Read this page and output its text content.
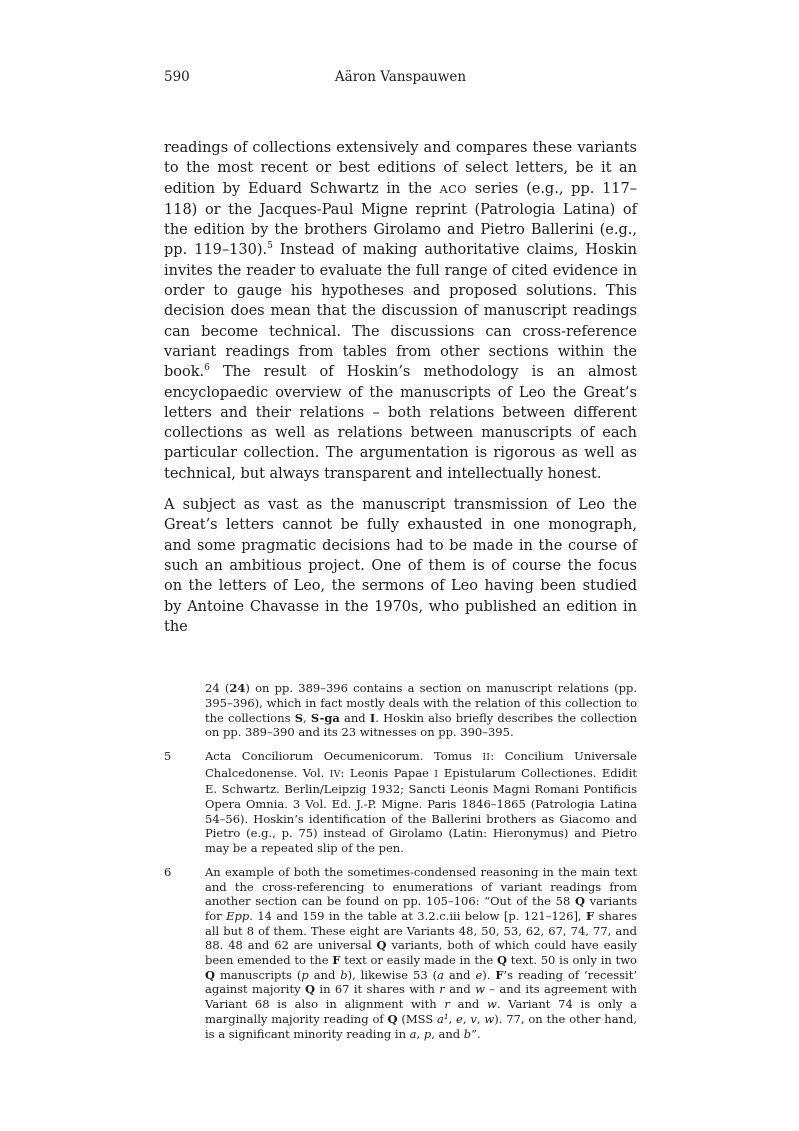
590	Aäron Vanspauwen

readings of collections extensively and compares these variants to the most recent or best editions of select letters, be it an edition by Eduard Schwartz in the ACO series (e.g., pp. 117–118) or the Jacques-Paul Migne reprint (Patrologia Latina) of the edition by the brothers Girolamo and Pietro Ballerini (e.g., pp. 119–130).$^5$ Instead of making authoritative claims, Hoskin invites the reader to evaluate the full range of cited evidence in order to gauge his hypotheses and proposed solutions. This decision does mean that the discussion of manuscript readings can become technical. The discussions can cross-reference variant readings from tables from other sections within the book.$^6$ The result of Hoskin’s methodology is an almost encyclopaedic overview of the manuscripts of Leo the Great’s letters and their relations – both relations between different collections as well as relations between manuscripts of each particular collection. The argumentation is rigorous as well as technical, but always transparent and intellectually honest.

A subject as vast as the manuscript transmission of Leo the Great’s letters cannot be fully exhausted in one monograph, and some pragmatic decisions had to be made in the course of such an ambitious project. One of them is of course the focus on the letters of Leo, the sermons of Leo having been studied by Antoine Chavasse in the 1970s, who published an edition in the

24 (24) on pp. 389–396 contains a section on manuscript relations (pp. 395–396), which in fact mostly deals with the relation of this collection to the collections S, S-ga and I. Hoskin also briefly describes the collection on pp. 389–390 and its 23 witnesses on pp. 390–395.
5	Acta Conciliorum Oecumenicorum. Tomus II: Concilium Universale Chalcedonense. Vol. IV: Leonis Papae I Epistularum Collectiones. Edidit E. Schwartz. Berlin/Leipzig 1932; Sancti Leonis Magni Romani Pontificis Opera Omnia. 3 Vol. Ed. J.-P. Migne. Paris 1846–1865 (Patrologia Latina 54–56). Hoskin’s identification of the Ballerini brothers as Giacomo and Pietro (e.g., p. 75) instead of Girolamo (Latin: Hieronymus) and Pietro may be a repeated slip of the pen.
6	An example of both the sometimes-condensed reasoning in the main text and the cross-referencing to enumerations of variant readings from another section can be found on pp. 105–106: “Out of the 58 Q variants for Epp. 14 and 159 in the table at 3.2.c.iii below [p. 121–126], F shares all but 8 of them. These eight are Variants 48, 50, 53, 62, 67, 74, 77, and 88. 48 and 62 are universal Q variants, both of which could have easily been emended to the F text or easily made in the Q text. 50 is only in two Q manuscripts (p and b), likewise 53 (a and e). F’s reading of ‘recessit’ against majority Q in 67 it shares with r and w – and its agreement with Variant 68 is also in alignment with r and w. Variant 74 is only a marginally majority reading of Q (MSS a¹, e, v, w). 77, on the other hand, is a significant minority reading in a, p, and b”.
